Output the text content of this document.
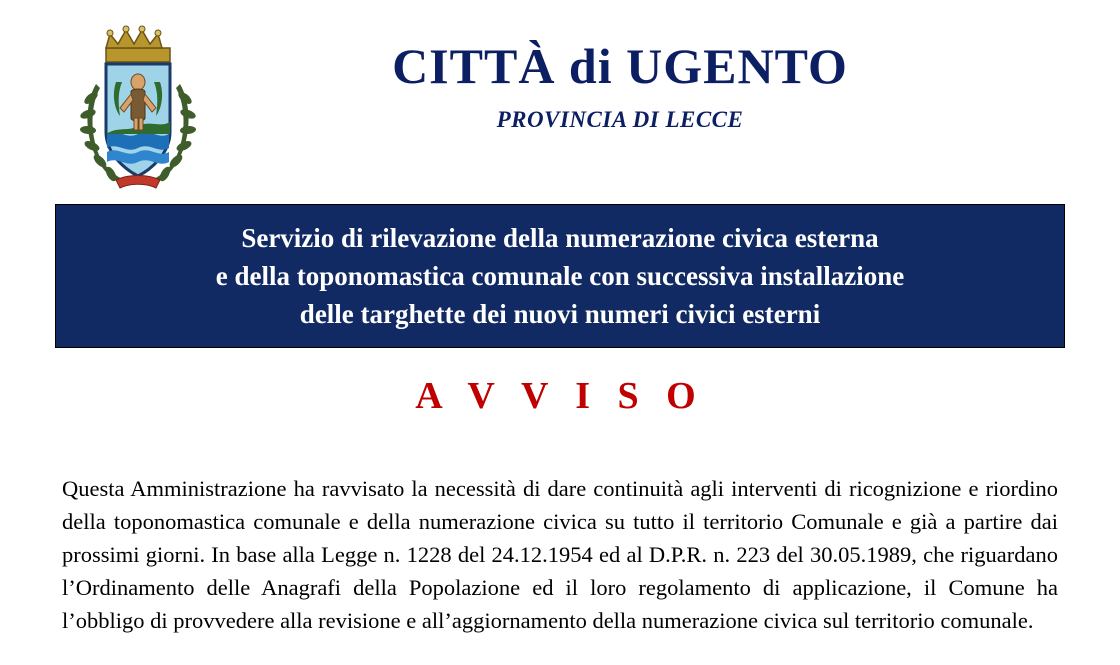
CITTÀ di UGENTO
PROVINCIA DI LECCE
Servizio di rilevazione della numerazione civica esterna
e della toponomastica comunale con successiva installazione
delle targhette dei nuovi numeri civici esterni
A V V I S O

Questa Amministrazione ha ravvisato la necessità di dare continuità agli interventi di ricognizione e riordino della toponomastica comunale e della numerazione civica su tutto il territorio Comunale e già a partire dai prossimi giorni. In base alla Legge n. 1228 del 24.12.1954 ed al D.P.R. n. 223 del 30.05.1989, che riguardano l’Ordinamento delle Anagrafi della Popolazione ed il loro regolamento di applicazione, il Comune ha l’obbligo di provvedere alla revisione e all’aggiornamento della numerazione civica sul territorio comunale.
